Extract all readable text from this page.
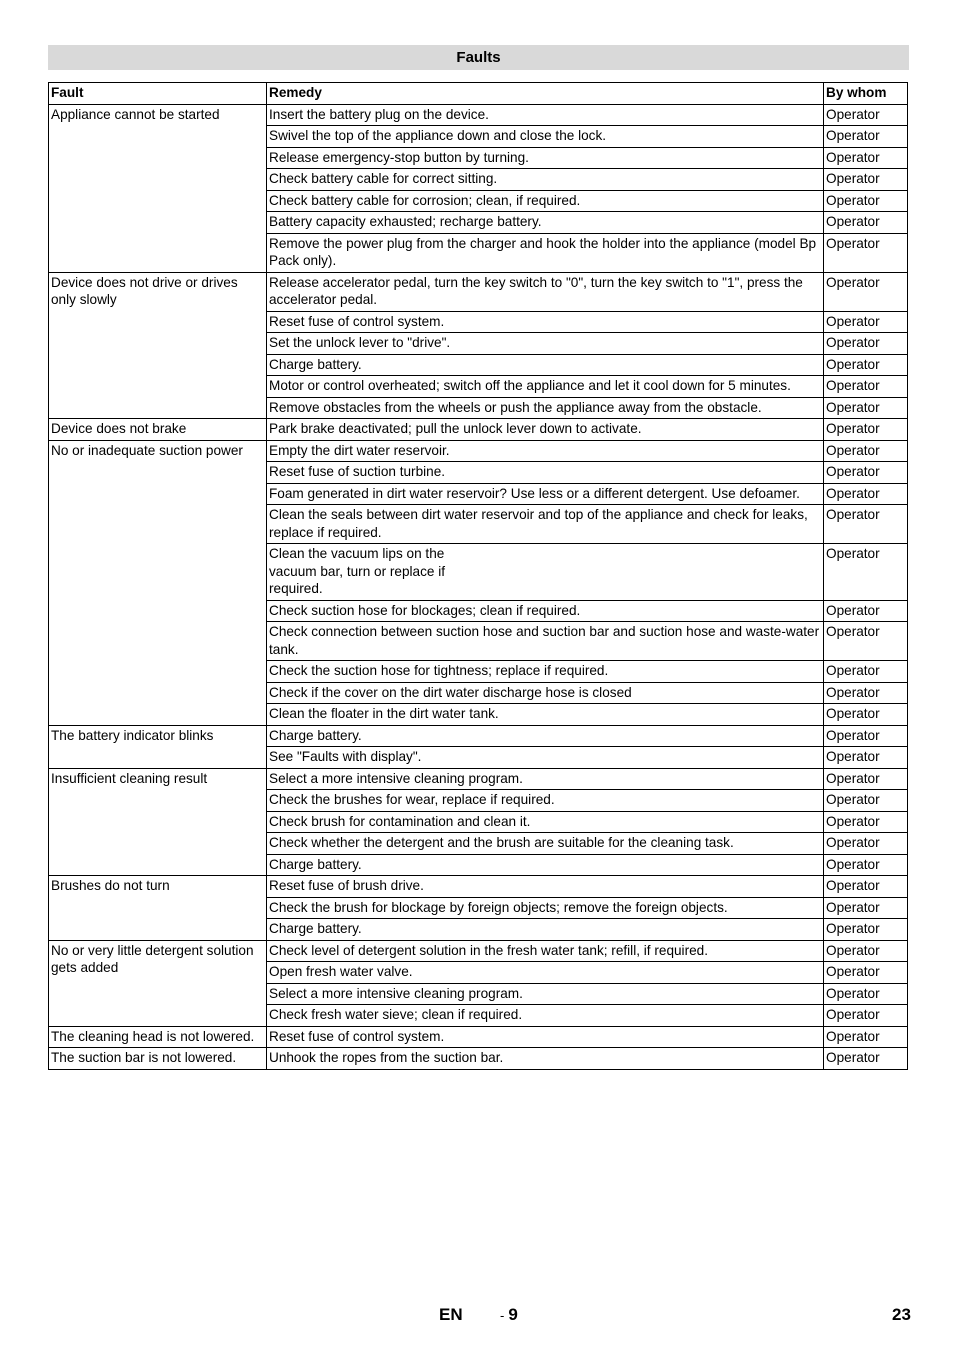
Faults
Fault	Remedy	By whom
Appliance cannot be started	Insert the battery plug on the device.	Operator
	Swivel the top of the appliance down and close the lock.	Operator
	Release emergency-stop button by turning.	Operator
	Check battery cable for correct sitting.	Operator
	Check battery cable for corrosion; clean, if required.	Operator
	Battery capacity exhausted; recharge battery.	Operator
	Remove the power plug from the charger and hook the holder into the appliance (model Bp Pack only).	Operator
Device does not drive or drives only slowly	Release accelerator pedal, turn the key switch to "0", turn the key switch to "1", press the accelerator pedal.	Operator
	Reset fuse of control system.	Operator
	Set the unlock lever to "drive".	Operator
	Charge battery.	Operator
	Motor or control overheated; switch off the appliance and let it cool down for 5 minutes.	Operator
	Remove obstacles from the wheels or push the appliance away from the obstacle.	Operator
Device does not brake	Park brake deactivated; pull the unlock lever down to activate.	Operator
No or inadequate suction power	Empty the dirt water reservoir.	Operator
	Reset fuse of suction turbine.	Operator
	Foam generated in dirt water reservoir? Use less or a different detergent. Use defoamer.	Operator
	Clean the seals between dirt water reservoir and top of the appliance and check for leaks, replace if required.	Operator
	Clean the vacuum lips on the
vacuum bar, turn or replace if
required.	Operator
	Check suction hose for blockages; clean if required.	Operator
	Check connection between suction hose and suction bar and suction hose and waste-water tank.	Operator
	Check the suction hose for tightness; replace if required.	Operator
	Check if the cover on the dirt water discharge hose is closed	Operator
	Clean the floater in the dirt water tank.	Operator
The battery indicator blinks	Charge battery.	Operator
	See "Faults with display".	Operator
Insufficient cleaning result	Select a more intensive cleaning program.	Operator
	Check the brushes for wear, replace if required.	Operator
	Check brush for contamination and clean it.	Operator
	Check whether the detergent and the brush are suitable for the cleaning task.	Operator
	Charge battery.	Operator
Brushes do not turn	Reset fuse of brush drive.	Operator
	Check the brush for blockage by foreign objects; remove the foreign objects.	Operator
	Charge battery.	Operator
No or very little detergent solution gets added	Check level of detergent solution in the fresh water tank; refill, if required.	Operator
	Open fresh water valve.	Operator
	Select a more intensive cleaning program.	Operator
	Check fresh water sieve; clean if required.	Operator
The cleaning head is not lowered.	Reset fuse of control system.	Operator
The suction bar is not lowered.	Unhook the ropes from the suction bar.	Operator
EN	- 9	23
